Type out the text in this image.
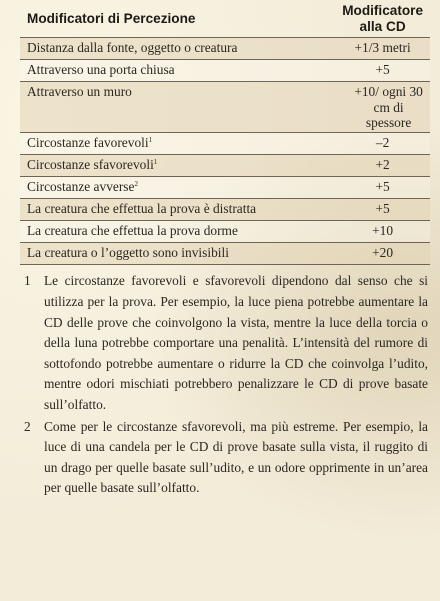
Modificatori di Percezione	Modificatore alla CD
Distanza dalla fonte, oggetto o creatura	+1/3 metri
Attraverso una porta chiusa	+5
Attraverso un muro	+10/ ogni 30 cm di spessore
Circostanze favorevoli$^1$	–2
Circostanze sfavorevoli$^1$	+2
Circostanze avverse$^2$	+5
La creatura che effettua la prova è distratta	+5
La creatura che effettua la prova dorme	+10
La creatura o l’oggetto sono invisibili	+20
1 Le circostanze favorevoli e sfavorevoli dipendono dal senso che si utilizza per la prova. Per esempio, la luce piena potrebbe aumentare la CD delle prove che coinvolgono la vista, mentre la luce della torcia o della luna potrebbe comportare una penalità. L’intensità del rumore di sottofondo potrebbe aumentare o ridurre la CD che coinvolga l’udito, mentre odori mischiati potrebbero penalizzare le CD di prove basate sull’olfatto.
2 Come per le circostanze sfavorevoli, ma più estreme. Per esempio, la luce di una candela per le CD di prove basate sulla vista, il ruggito di un drago per quelle basate sull’udito, e un odore opprimente in un’area per quelle basate sull’olfatto.
